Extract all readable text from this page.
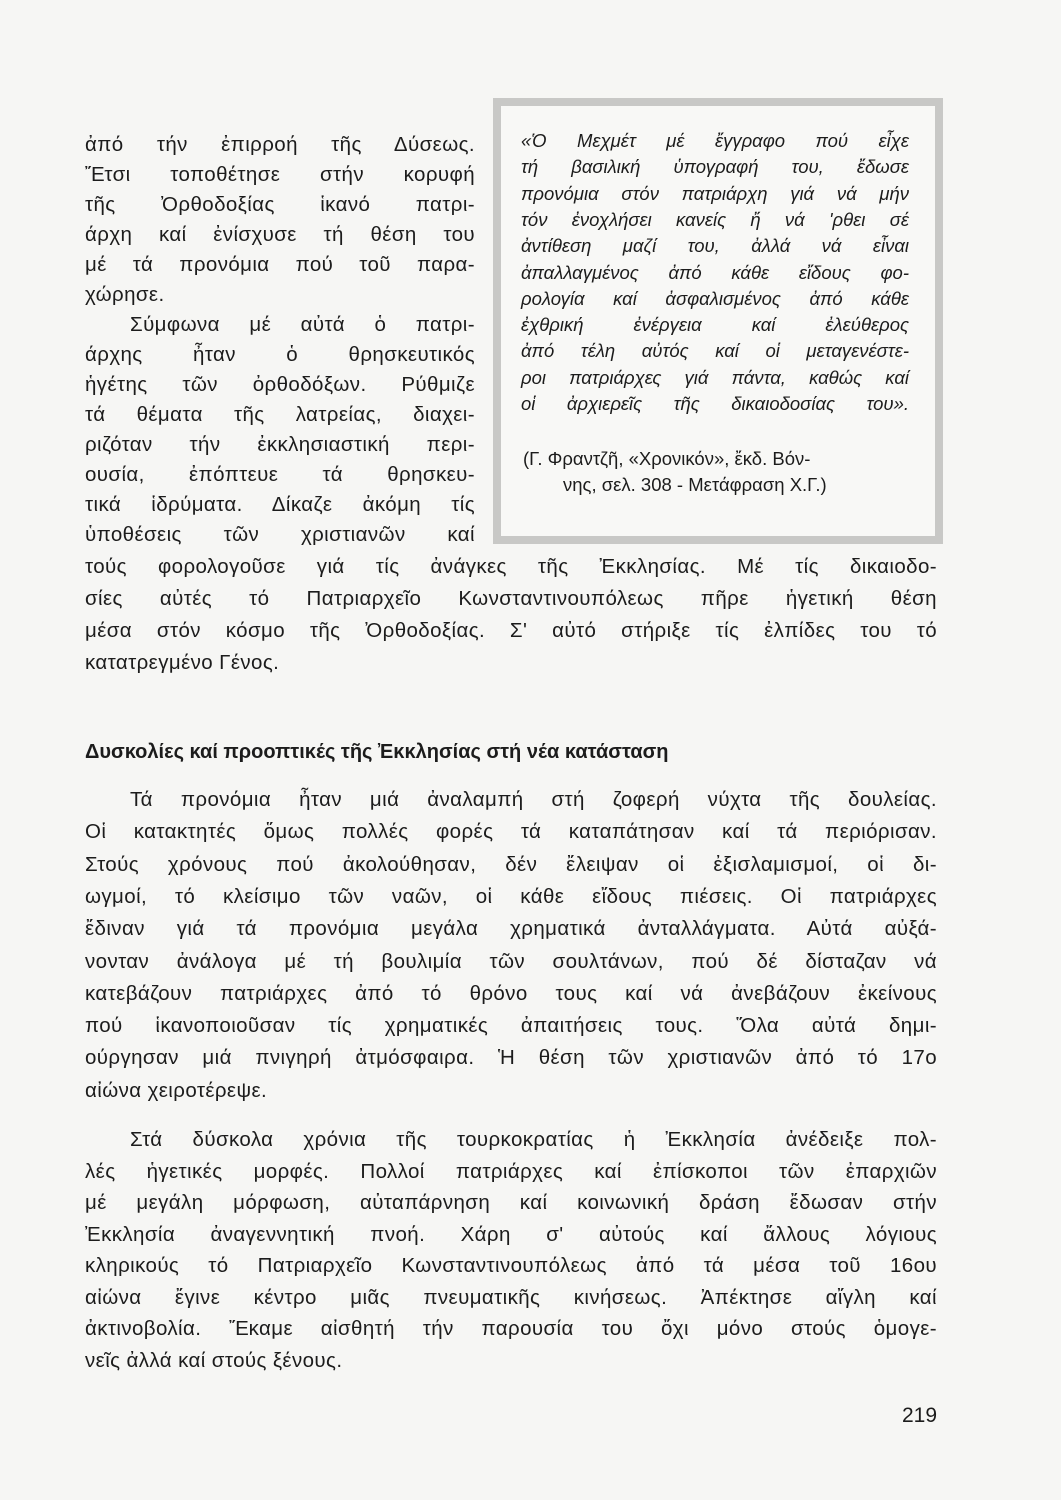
«Ὁ Μεχμέτ μέ ἔγγραφο πού εἶχε
τή βασιλική ὑπογραφή του, ἔδωσε
προνόμια στόν πατριάρχη γιά νά μήν
τόν ἐνοχλήσει κανείς ἤ νά 'ρθει σέ
ἀντίθεση μαζί του, ἀλλά νά εἶναι
ἀπαλλαγμένος ἀπό κάθε εἴδους φο-
ρολογία καί ἀσφαλισμένος ἀπό κάθε
ἐχθρική ἐνέργεια καί ἐλεύθερος
ἀπό τέλη αὐτός καί οἱ μεταγενέστε-
ροι πατριάρχες γιά πάντα, καθώς καί
οἱ ἀρχιερεῖς τῆς δικαιοδοσίας του».
(Γ. Φραντζῆ, «Χρονικόν», ἔκδ. Βόν-
νης, σελ. 308 - Μετάφραση Χ.Γ.)
Δυσκολίες καί προοπτικές τῆς Ἐκκλησίας στή νέα κατάσταση
219
ἀπό τήν ἐπιρροή τῆς Δύσεως.
Ἔτσι τοποθέτησε στήν κορυφή
τῆς Ὀρθοδοξίας ἱκανό πατρι-
άρχη καί ἐνίσχυσε τή θέση του
μέ τά προνόμια πού τοῦ παρα-
χώρησε.
Σύμφωνα μέ αὐτά ὁ πατρι-
άρχης ἦταν ὁ θρησκευτικός
ἡγέτης τῶν ὀρθοδόξων. Ρύθμιζε
τά θέματα τῆς λατρείας, διαχει-
ριζόταν τήν ἐκκλησιαστική περι-
ουσία, ἐπόπτευε τά θρησκευ-
τικά ἱδρύματα. Δίκαζε ἀκόμη τίς
ὑποθέσεις τῶν χριστιανῶν καί
τούς φορολογοῦσε γιά τίς ἀνάγκες τῆς Ἐκκλησίας. Μέ τίς δικαιοδο-
σίες αὐτές τό Πατριαρχεῖο Κωνσταντινουπόλεως πῆρε ἡγετική θέση
μέσα στόν κόσμο τῆς Ὀρθοδοξίας. Σ' αὐτό στήριξε τίς ἐλπίδες του τό
κατατρεγμένο Γένος.
Τά προνόμια ἦταν μιά ἀναλαμπή στή ζοφερή νύχτα τῆς δουλείας.
Οἱ κατακτητές ὅμως πολλές φορές τά καταπάτησαν καί τά περιόρισαν.
Στούς χρόνους πού ἀκολούθησαν, δέν ἔλειψαν οἱ ἐξισλαμισμοί, οἱ δι-
ωγμοί, τό κλείσιμο τῶν ναῶν, οἱ κάθε εἴδους πιέσεις. Οἱ πατριάρχες
ἔδιναν γιά τά προνόμια μεγάλα χρηματικά ἀνταλλάγματα. Αὐτά αὐξά-
νονταν ἀνάλογα μέ τή βουλιμία τῶν σουλτάνων, πού δέ δίσταζαν νά
κατεβάζουν πατριάρχες ἀπό τό θρόνο τους καί νά ἀνεβάζουν ἐκείνους
πού ἱκανοποιοῦσαν τίς χρηματικές ἀπαιτήσεις τους. Ὅλα αὐτά δημι-
ούργησαν μιά πνιγηρή ἀτμόσφαιρα. Ἡ θέση τῶν χριστιανῶν ἀπό τό 17ο
αἰώνα χειροτέρεψε.
Στά δύσκολα χρόνια τῆς τουρκοκρατίας ἡ Ἐκκλησία ἀνέδειξε πολ-
λές ἡγετικές μορφές. Πολλοί πατριάρχες καί ἐπίσκοποι τῶν ἐπαρχιῶν
μέ μεγάλη μόρφωση, αὐταπάρνηση καί κοινωνική δράση ἔδωσαν στήν
Ἐκκλησία ἀναγεννητική πνοή. Χάρη σ' αὐτούς καί ἄλλους λόγιους
κληρικούς τό Πατριαρχεῖο Κωνσταντινουπόλεως ἀπό τά μέσα τοῦ 16ου
αἰώνα ἔγινε κέντρο μιᾶς πνευματικῆς κινήσεως. Ἀπέκτησε αἴγλη καί
ἀκτινοβολία. Ἔκαμε αἰσθητή τήν παρουσία του ὄχι μόνο στούς ὁμογε-
νεῖς ἀλλά καί στούς ξένους.
